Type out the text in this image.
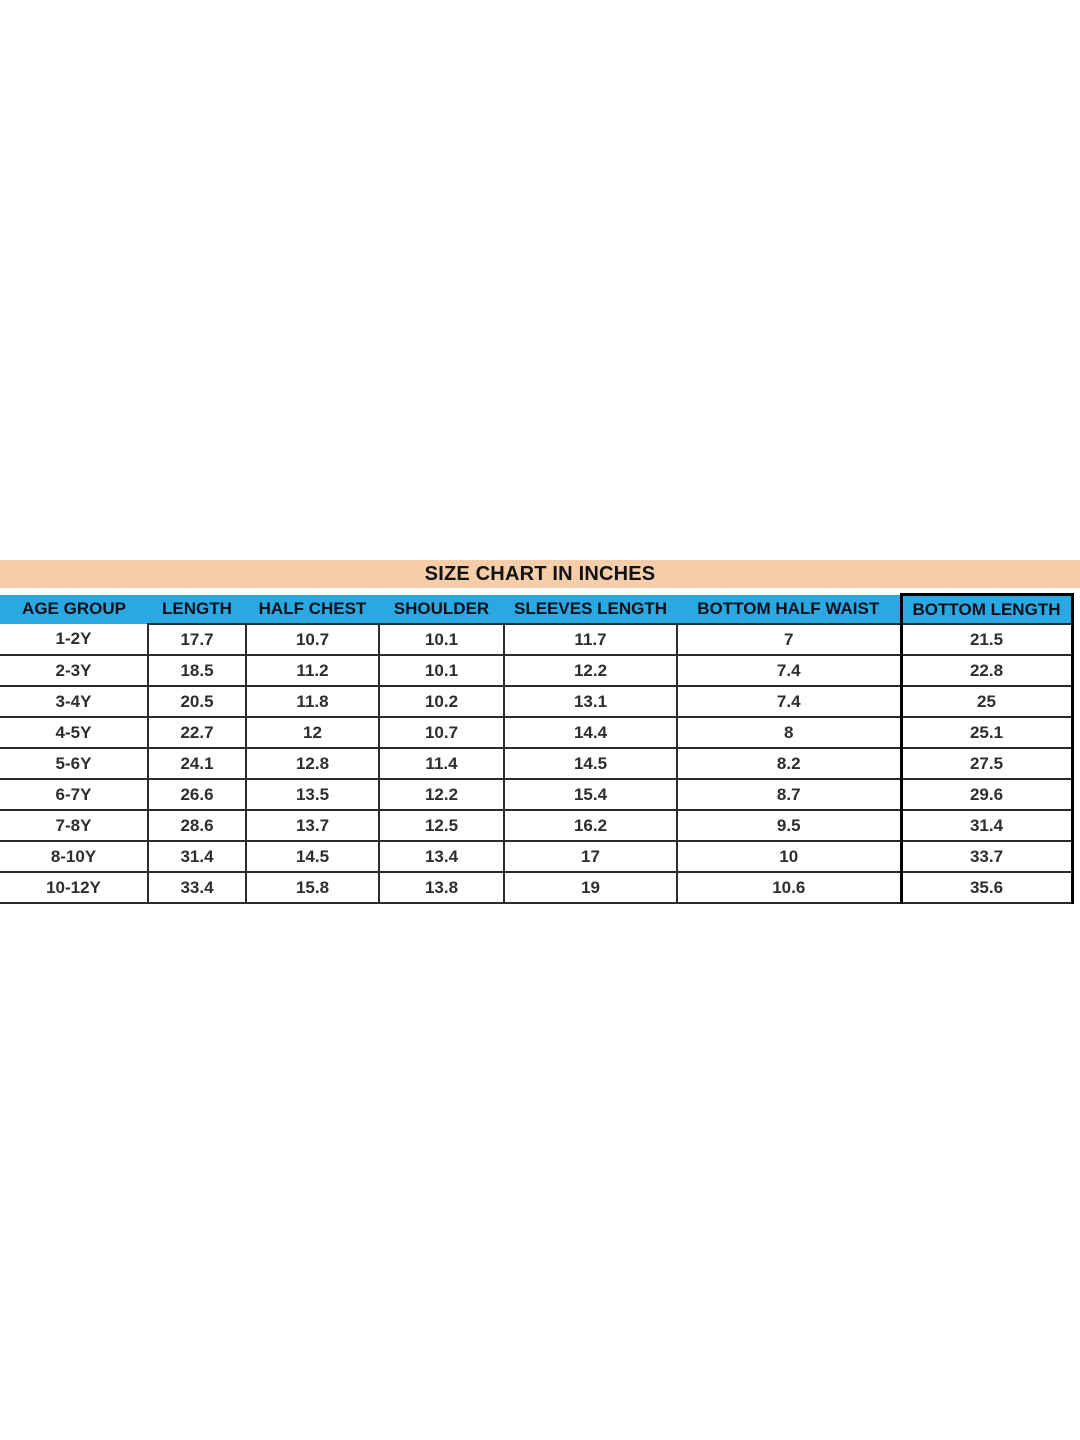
SIZE CHART IN INCHES
AGE GROUP	LENGTH	HALF CHEST	SHOULDER	SLEEVES LENGTH	BOTTOM HALF WAIST	BOTTOM LENGTH
1-2Y	17.7	10.7	10.1	11.7	7	21.5
2-3Y	18.5	11.2	10.1	12.2	7.4	22.8
3-4Y	20.5	11.8	10.2	13.1	7.4	25
4-5Y	22.7	12	10.7	14.4	8	25.1
5-6Y	24.1	12.8	11.4	14.5	8.2	27.5
6-7Y	26.6	13.5	12.2	15.4	8.7	29.6
7-8Y	28.6	13.7	12.5	16.2	9.5	31.4
8-10Y	31.4	14.5	13.4	17	10	33.7
10-12Y	33.4	15.8	13.8	19	10.6	35.6
